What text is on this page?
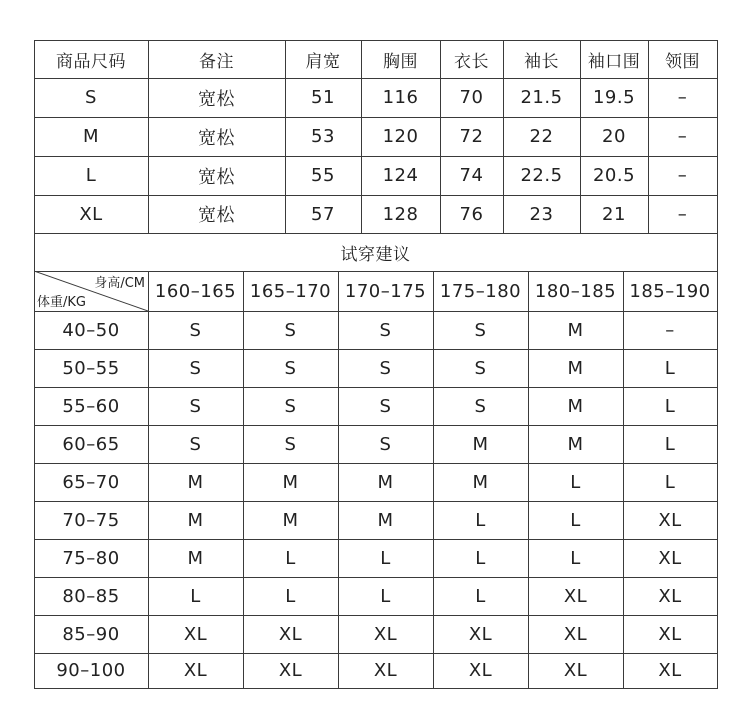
商品尺码	备注	肩宽	胸围	衣长	袖长	袖口围	领围
S	宽松	51	116	70	21.5	19.5	–
M	宽松	53	120	72	22	20	–
L	宽松	55	124	74	22.5	20.5	–
XL	宽松	57	128	76	23	21	–
试穿建议
160–165 165–170 170–175 175–180 180–185 185–190
40–50	S	S	S	S	M	–
50–55	S	S	S	S	M	L
55–60	S	S	S	S	M	L
60–65	S	S	S	M	M	L
65–70	M	M	M	M	L	L
70–75	M	M	M	L	L	XL
75–80	M	L	L	L	L	XL
80–85	L	L	L	L	XL	XL
85–90	XL	XL	XL	XL	XL	XL
90–100	XL	XL	XL	XL	XL	XL
身高/CM
体重/KG
